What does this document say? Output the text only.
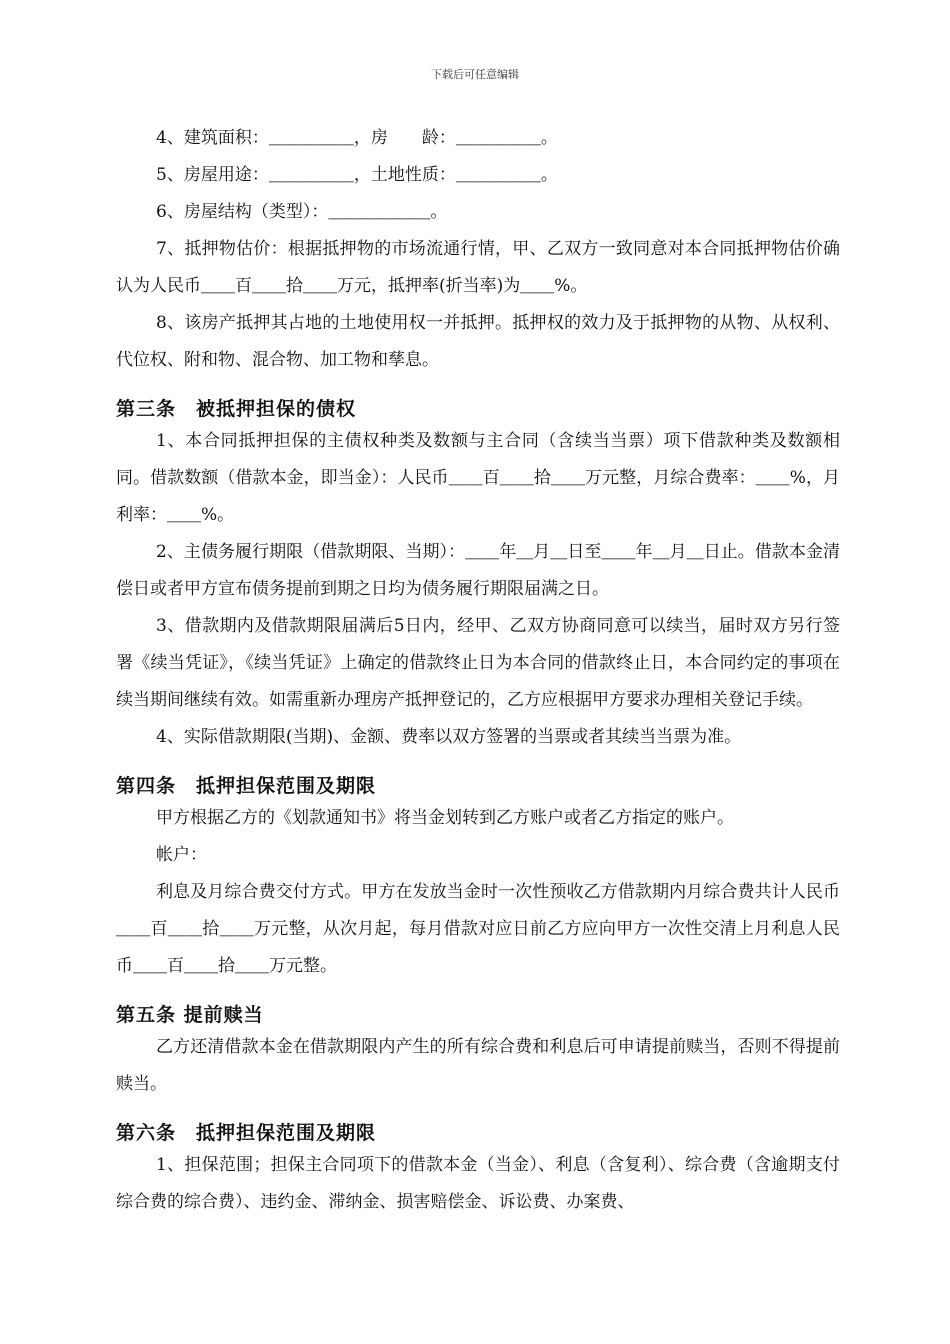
下载后可任意编辑

4、建筑面积：＿＿＿＿＿，房　　龄：＿＿＿＿＿。

5、房屋用途：＿＿＿＿＿，土地性质：＿＿＿＿＿。

6、房屋结构（类型）：＿＿＿＿＿＿。

7、抵押物估价：根据抵押物的市场流通行情，甲、乙双方一致同意对本合同抵押物估价确认为人民币＿＿百＿＿拾＿＿万元，抵押率(折当率)为＿＿%。

8、该房产抵押其占地的土地使用权一并抵押。抵押权的效力及于抵押物的从物、从权利、代位权、附和物、混合物、加工物和孳息。

第三条　被抵押担保的债权

1、本合同抵押担保的主债权种类及数额与主合同（含续当当票）项下借款种类及数额相同。借款数额（借款本金，即当金）：人民币＿＿百＿＿拾＿＿万元整，月综合费率：＿＿%，月利率：＿＿%。

2、主债务履行期限（借款期限、当期）：＿＿年＿月＿日至＿＿年＿月＿日止。借款本金清偿日或者甲方宣布债务提前到期之日均为债务履行期限届满之日。

3、借款期内及借款期限届满后5日内，经甲、乙双方协商同意可以续当，届时双方另行签署《续当凭证》，《续当凭证》上确定的借款终止日为本合同的借款终止日，本合同约定的事项在续当期间继续有效。如需重新办理房产抵押登记的，乙方应根据甲方要求办理相关登记手续。

4、实际借款期限(当期)、金额、费率以双方签署的当票或者其续当当票为准。

第四条　抵押担保范围及期限

甲方根据乙方的《划款通知书》将当金划转到乙方账户或者乙方指定的账户。

帐户：

利息及月综合费交付方式。甲方在发放当金时一次性预收乙方借款期内月综合费共计人民币＿＿百＿＿拾＿＿万元整，从次月起，每月借款对应日前乙方应向甲方一次性交清上月利息人民币＿＿百＿＿拾＿＿万元整。

第五条 提前赎当

乙方还清借款本金在借款期限内产生的所有综合费和利息后可申请提前赎当，否则不得提前赎当。

第六条　抵押担保范围及期限

1、担保范围；担保主合同项下的借款本金（当金）、利息（含复利）、综合费（含逾期支付综合费的综合费）、违约金、滞纳金、损害赔偿金、诉讼费、办案费、
